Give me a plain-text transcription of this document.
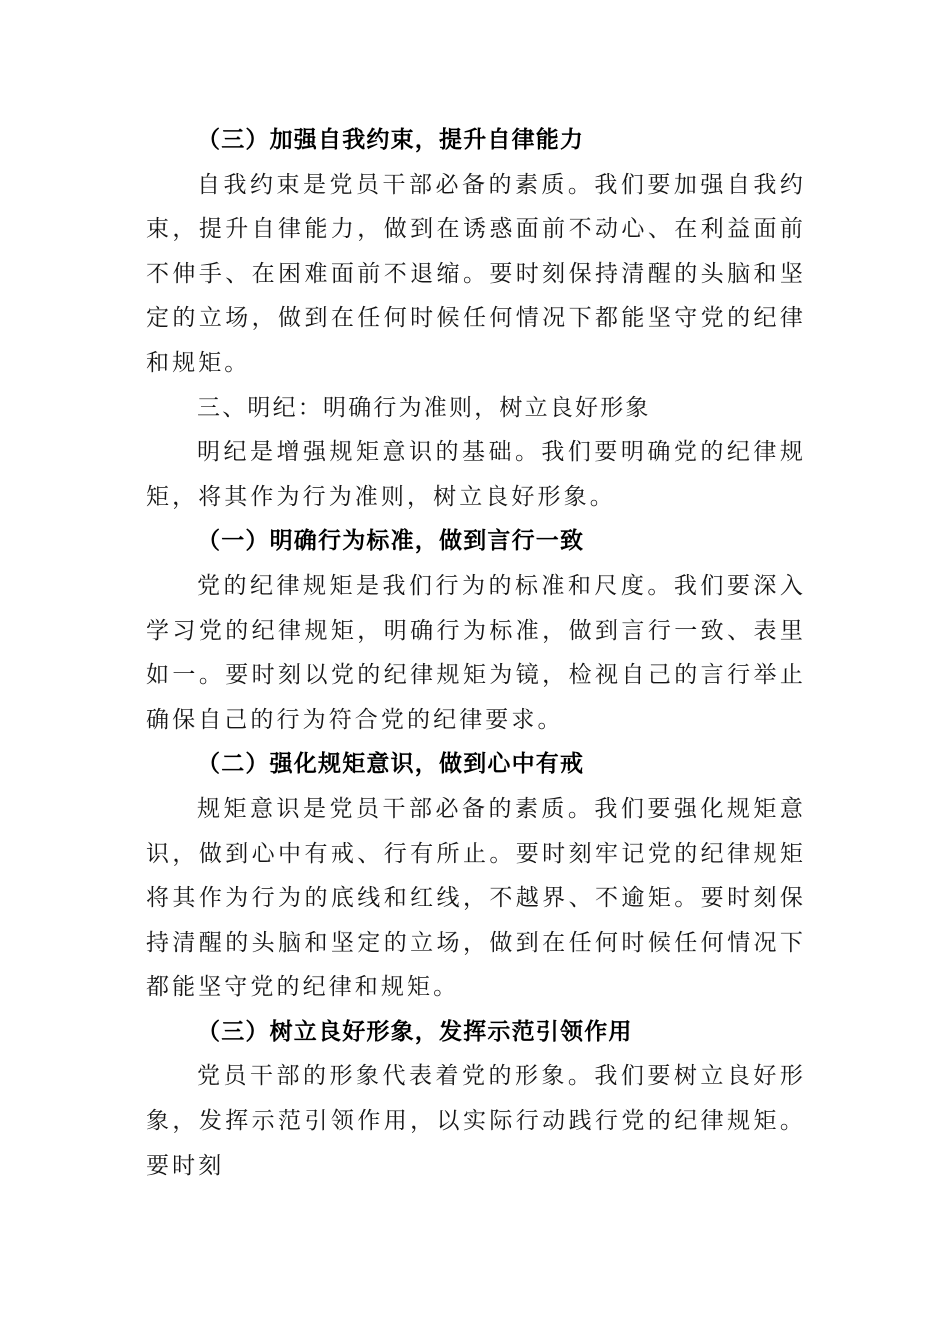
（三）加强自我约束，提升自律能力

自我约束是党员干部必备的素质。我们要加强自我约束，提升自律能力，做到在诱惑面前不动心、在利益面前不伸手、在困难面前不退缩。要时刻保持清醒的头脑和坚定的立场，做到在任何时候任何情况下都能坚守党的纪律和规矩。

三、明纪：明确行为准则，树立良好形象

明纪是增强规矩意识的基础。我们要明确党的纪律规矩，将其作为行为准则，树立良好形象。

（一）明确行为标准，做到言行一致

党的纪律规矩是我们行为的标准和尺度。我们要深入学习党的纪律规矩，明确行为标准，做到言行一致、表里如一。要时刻以党的纪律规矩为镜，检视自己的言行举止确保自己的行为符合党的纪律要求。

（二）强化规矩意识，做到心中有戒

规矩意识是党员干部必备的素质。我们要强化规矩意识，做到心中有戒、行有所止。要时刻牢记党的纪律规矩将其作为行为的底线和红线，不越界、不逾矩。要时刻保持清醒的头脑和坚定的立场，做到在任何时候任何情况下都能坚守党的纪律和规矩。

（三）树立良好形象，发挥示范引领作用

党员干部的形象代表着党的形象。我们要树立良好形象，发挥示范引领作用，以实际行动践行党的纪律规矩。要时刻
